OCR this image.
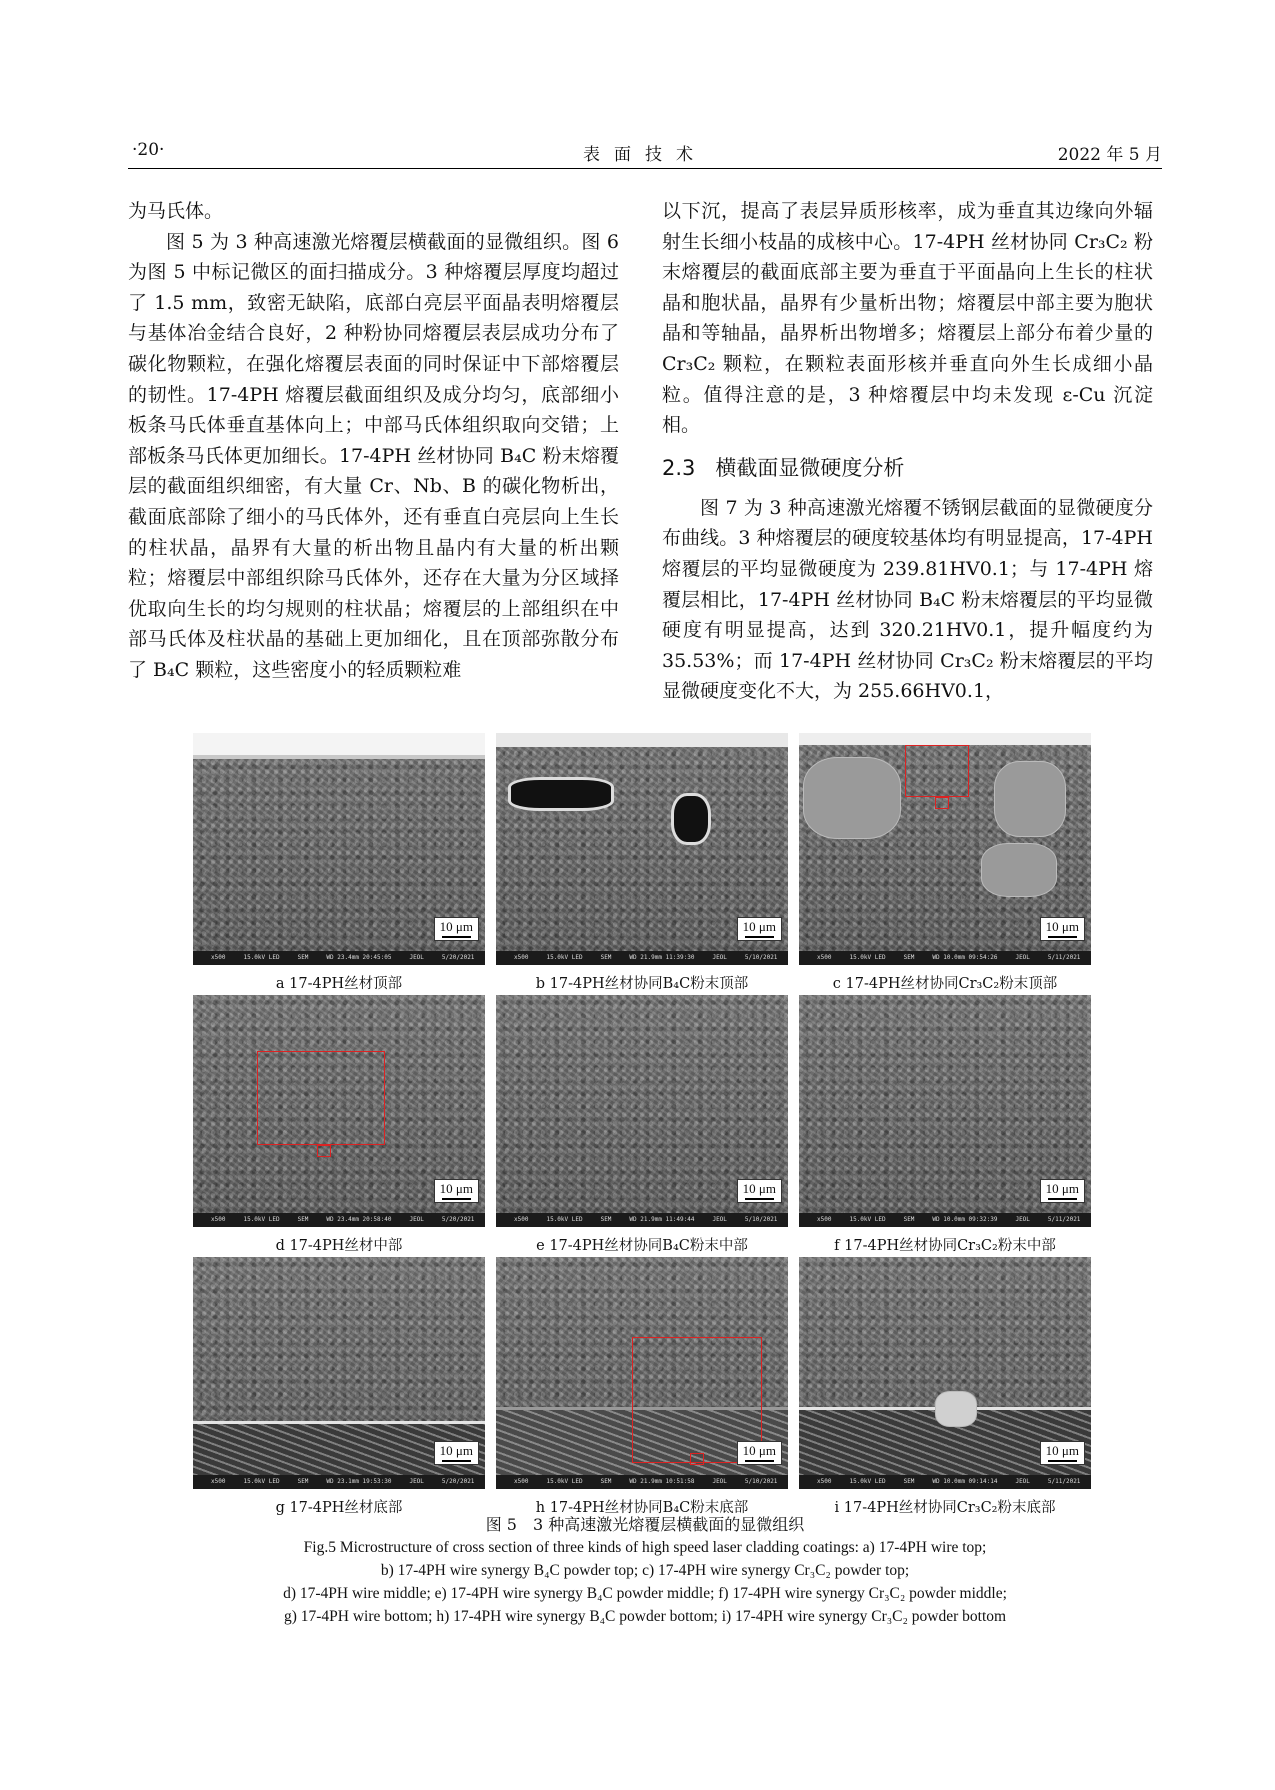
·20·	表面技术	2022 年 5 月

为马氏体。

图 5 为 3 种高速激光熔覆层横截面的显微组织。图 6 为图 5 中标记微区的面扫描成分。3 种熔覆层厚度均超过了 1.5 mm，致密无缺陷，底部白亮层平面晶表明熔覆层与基体冶金结合良好，2 种粉协同熔覆层表层成功分布了碳化物颗粒，在强化熔覆层表面的同时保证中下部熔覆层的韧性。17-4PH 熔覆层截面组织及成分均匀，底部细小板条马氏体垂直基体向上；中部马氏体组织取向交错；上部板条马氏体更加细长。17-4PH 丝材协同 B₄C 粉末熔覆层的截面组织细密，有大量 Cr、Nb、B 的碳化物析出，截面底部除了细小的马氏体外，还有垂直白亮层向上生长的柱状晶，晶界有大量的析出物且晶内有大量的析出颗粒；熔覆层中部组织除马氏体外，还存在大量为分区域择优取向生长的均匀规则的柱状晶；熔覆层的上部组织在中部马氏体及柱状晶的基础上更加细化，且在顶部弥散分布了 B₄C 颗粒，这些密度小的轻质颗粒难

以下沉，提高了表层异质形核率，成为垂直其边缘向外辐射生长细小枝晶的成核中心。17-4PH 丝材协同 Cr₃C₂ 粉末熔覆层的截面底部主要为垂直于平面晶向上生长的柱状晶和胞状晶，晶界有少量析出物；熔覆层中部主要为胞状晶和等轴晶，晶界析出物增多；熔覆层上部分布着少量的 Cr₃C₂ 颗粒，在颗粒表面形核并垂直向外生长成细小晶粒。值得注意的是，3 种熔覆层中均未发现 ε-Cu 沉淀相。

2.3 横截面显微硬度分析

图 7 为 3 种高速激光熔覆不锈钢层截面的显微硬度分布曲线。3 种熔覆层的硬度较基体均有明显提高，17-4PH 熔覆层的平均显微硬度为 239.81HV0.1；与 17-4PH 熔覆层相比，17-4PH 丝材协同 B₄C 粉末熔覆层的平均显微硬度有明显提高，达到 320.21HV0.1，提升幅度约为 35.53%；而 17-4PH 丝材协同 Cr₃C₂ 粉末熔覆层的平均显微硬度变化不大，为 255.66HV0.1，

10 μm
x500	15.0kV LED	SEM	WD 23.4mm 20:45:05	JEOL	5/20/2021
a 17-4PH丝材顶部
10 μm
x500	15.0kV LED	SEM	WD 21.9mm 11:39:30	JEOL	5/10/2021
b 17-4PH丝材协同B₄C粉末顶部
10 μm
x500	15.0kV LED	SEM	WD 10.0mm 09:54:26	JEOL	5/11/2021
c 17-4PH丝材协同Cr₃C₂粉末顶部
10 μm
x500	15.0kV LED	SEM	WD 23.4mm 20:58:40	JEOL	5/20/2021
d 17-4PH丝材中部
10 μm
x500	15.0kV LED	SEM	WD 21.9mm 11:49:44	JEOL	5/10/2021
e 17-4PH丝材协同B₄C粉末中部
10 μm
x500	15.0kV LED	SEM	WD 10.0mm 09:32:39	JEOL	5/11/2021
f 17-4PH丝材协同Cr₃C₂粉末中部
10 μm
x500	15.0kV LED	SEM	WD 23.1mm 19:53:30	JEOL	5/20/2021
g 17-4PH丝材底部
10 μm
x500	15.0kV LED	SEM	WD 21.9mm 10:51:58	JEOL	5/10/2021
h 17-4PH丝材协同B₄C粉末底部
10 μm
x500	15.0kV LED	SEM	WD 10.0mm 09:14:14	JEOL	5/11/2021
i 17-4PH丝材协同Cr₃C₂粉末底部
图 5　3 种高速激光熔覆层横截面的显微组织
Fig.5 Microstructure of cross section of three kinds of high speed laser cladding coatings: a) 17-4PH wire top;
b) 17-4PH wire synergy B₄C powder top; c) 17-4PH wire synergy Cr₃C₂ powder top;
d) 17-4PH wire middle; e) 17-4PH wire synergy B₄C powder middle; f) 17-4PH wire synergy Cr₃C₂ powder middle;
g) 17-4PH wire bottom; h) 17-4PH wire synergy B₄C powder bottom; i) 17-4PH wire synergy Cr₃C₂ powder bottom
